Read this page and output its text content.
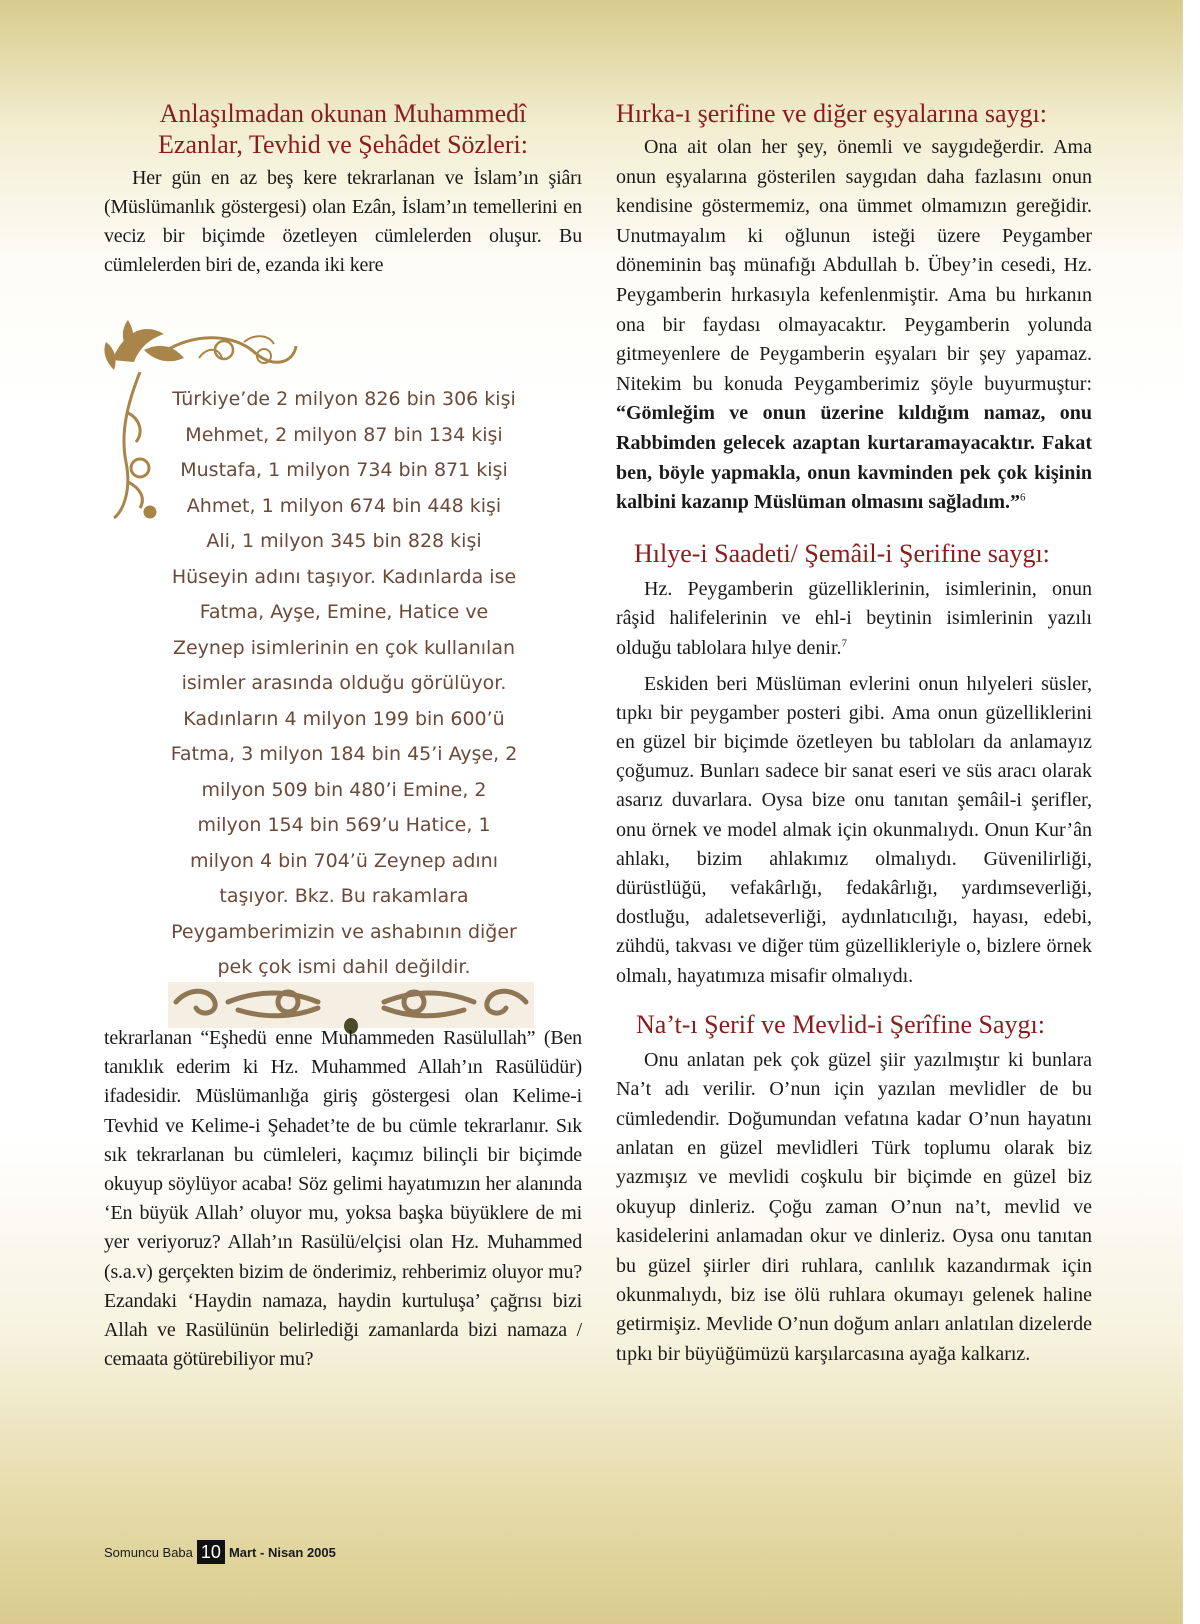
Anlaşılmadan okunan Muhammedî Ezanlar, Tevhid ve Şehâdet Sözleri:

Her gün en az beş kere tekrarlanan ve İslam’ın şiârı (Müslümanlık göstergesi) olan Ezân, İslam’ın temellerini en veciz bir biçimde özetleyen cümlelerden oluşur. Bu cümlelerden biri de, ezanda iki kere

Türkiye’de 2 milyon 826 bin 306 kişi Mehmet, 2 milyon 87 bin 134 kişi Mustafa, 1 milyon 734 bin 871 kişi Ahmet, 1 milyon 674 bin 448 kişi Ali, 1 milyon 345 bin 828 kişi Hüseyin adını taşıyor. Kadınlarda ise Fatma, Ayşe, Emine, Hatice ve Zeynep isimlerinin en çok kullanılan isimler arasında olduğu görülüyor. Kadınların 4 milyon 199 bin 600’ü Fatma, 3 milyon 184 bin 45’i Ayşe, 2 milyon 509 bin 480’i Emine, 2 milyon 154 bin 569’u Hatice, 1 milyon 4 bin 704’ü Zeynep adını taşıyor. Bkz. Bu rakamlara Peygamberimizin ve ashabının diğer pek çok ismi dahil değildir.

tekrarlanan “Eşhedü enne Muhammeden Rasülullah” (Ben tanıklık ederim ki Hz. Muhammed Allah’ın Rasülüdür) ifadesidir. Müslümanlığa giriş göstergesi olan Kelime-i Tevhid ve Kelime-i Şehadet’te de bu cümle tekrarlanır. Sık sık tekrarlanan bu cümleleri, kaçımız bilinçli bir biçimde okuyup söylüyor acaba! Söz gelimi hayatımızın her alanında ‘En büyük Allah’ oluyor mu, yoksa başka büyüklere de mi yer veriyoruz? Allah’ın Rasülü/elçisi olan Hz. Muhammed (s.a.v) gerçekten bizim de önderimiz, rehberimiz oluyor mu? Ezandaki ‘Haydin namaza, haydin kurtuluşa’ çağrısı bizi Allah ve Rasülünün belirlediği zamanlarda bizi namaza / cemaata götürebiliyor mu?

Hırka-ı şerifine ve diğer eşyalarına saygı:

Ona ait olan her şey, önemli ve saygıdeğerdir. Ama onun eşyalarına gösterilen saygıdan daha fazlasını onun kendisine göstermemiz, ona ümmet olmamızın gereğidir. Unutmayalım ki oğlunun isteği üzere Peygamber döneminin baş münafığı Abdullah b. Übey’in cesedi, Hz. Peygamberin hırkasıyla kefenlenmiştir. Ama bu hırkanın ona bir faydası olmayacaktır. Peygamberin yolunda gitmeyenlere de Peygamberin eşyaları bir şey yapamaz. Nitekim bu konuda Peygamberimiz şöyle buyurmuştur: “Gömleğim ve onun üzerine kıldığım namaz, onu Rabbimden gelecek azaptan kurtaramayacaktır. Fakat ben, böyle yapmakla, onun kavminden pek çok kişinin kalbini kazanıp Müslüman olmasını sağladım.”$^6$

Hılye-i Saadeti/ Şemâil-i Şerifine saygı:

Hz. Peygamberin güzelliklerinin, isimlerinin, onun râşid halifelerinin ve ehl-i beytinin isimlerinin yazılı olduğu tablolara hılye denir.$^7$

Eskiden beri Müslüman evlerini onun hılyeleri süsler, tıpkı bir peygamber posteri gibi. Ama onun güzelliklerini en güzel bir biçimde özetleyen bu tabloları da anlamayız çoğumuz. Bunları sadece bir sanat eseri ve süs aracı olarak asarız duvarlara. Oysa bize onu tanıtan şemâil-i şerifler, onu örnek ve model almak için okunmalıydı. Onun Kur’ân ahlakı, bizim ahlakımız olmalıydı. Güvenilirliği, dürüstlüğü, vefakârlığı, fedakârlığı, yardımseverliği, dostluğu, adaletseverliği, aydınlatıcılığı, hayası, edebi, zühdü, takvası ve diğer tüm güzellikleriyle o, bizlere örnek olmalı, hayatımıza misafir olmalıydı.

Na’t-ı Şerif ve Mevlid-i Şerîfine Saygı:

Onu anlatan pek çok güzel şiir yazılmıştır ki bunlara Na’t adı verilir. O’nun için yazılan mevlidler de bu cümledendir. Doğumundan vefatına kadar O’nun hayatını anlatan en güzel mevlidleri Türk toplumu olarak biz yazmışız ve mevlidi coşkulu bir biçimde en güzel biz okuyup dinleriz. Çoğu zaman O’nun na’t, mevlid ve kasidelerini anlamadan okur ve dinleriz. Oysa onu tanıtan bu güzel şiirler diri ruhlara, canlılık kazandırmak için okunmalıydı, biz ise ölü ruhlara okumayı gelenek haline getirmişiz. Mevlide O’nun doğum anları anlatılan dizelerde tıpkı bir büyüğümüzü karşılarcasına ayağa kalkarız.

Somuncu Baba 10 Mart - Nisan 2005
